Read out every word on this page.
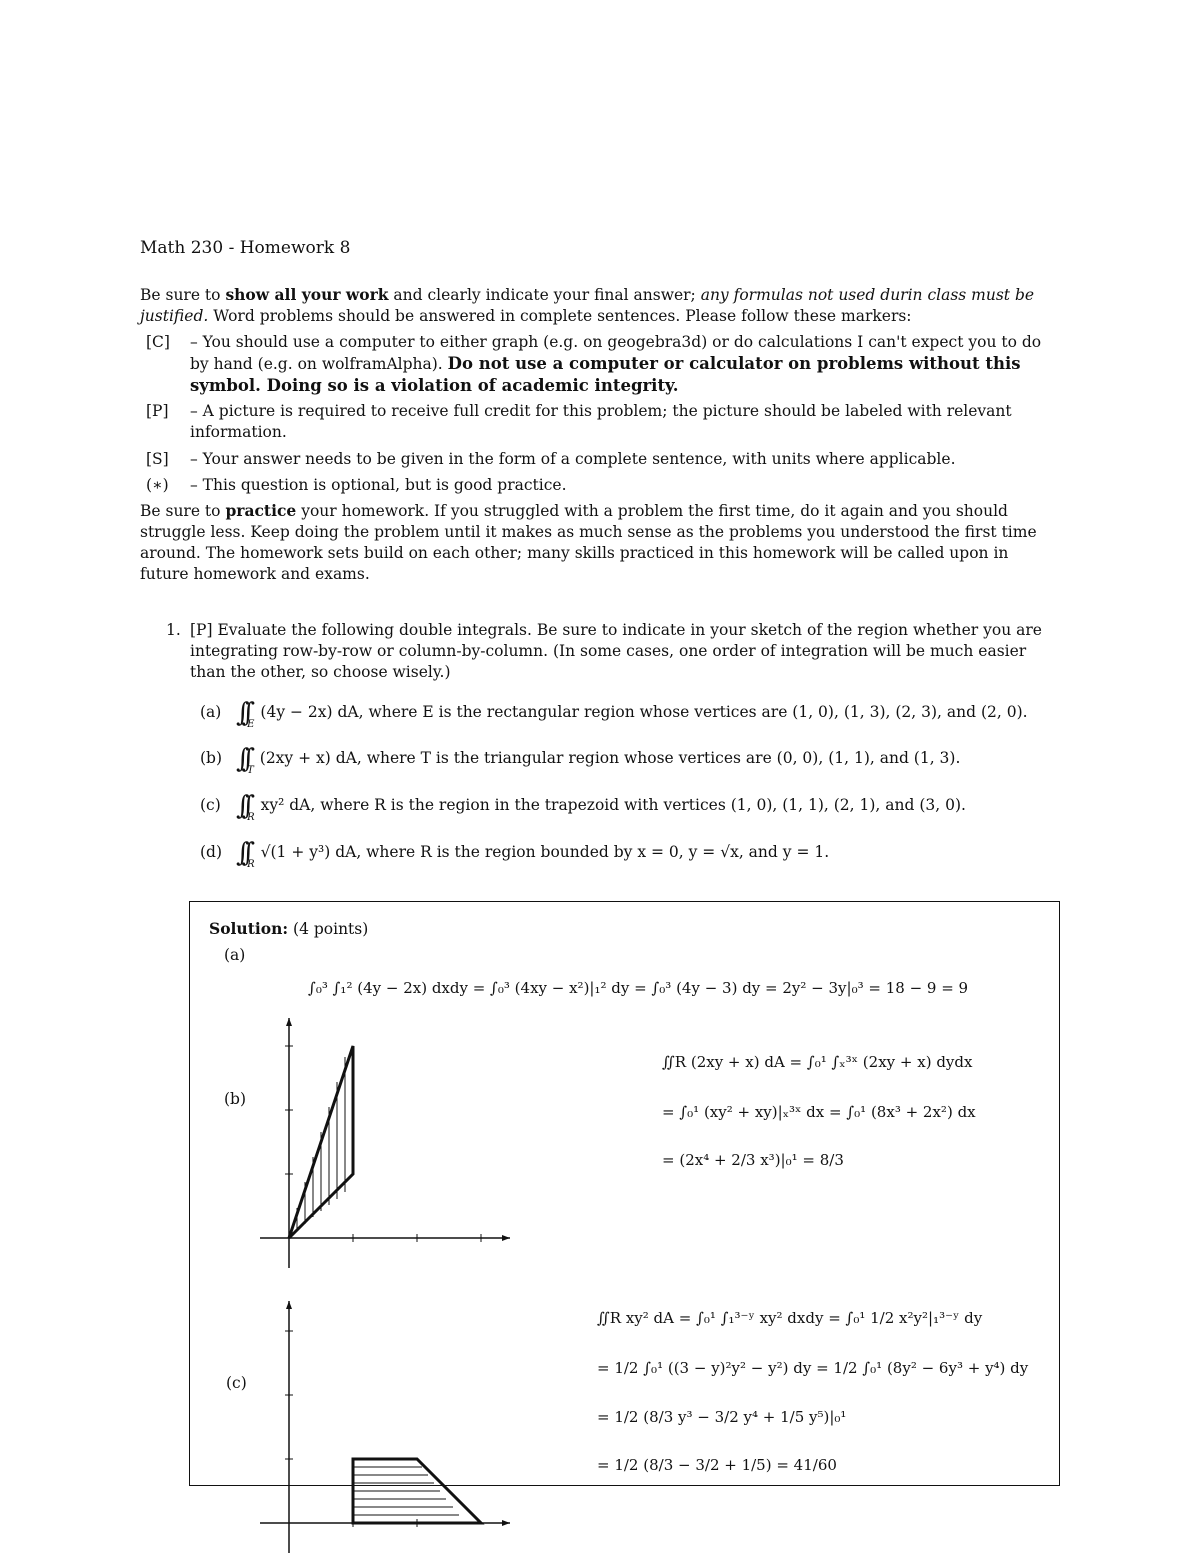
Math 230 - Homework 8
Be sure to show all your work and clearly indicate your final answer; any formulas not used durin class must be justified. Word problems should be answered in complete sentences. Please follow these markers:
[C] – You should use a computer to either graph (e.g. on geogebra3d) or do calculations I can't expect you to do by hand (e.g. on wolframAlpha). Do not use a computer or calculator on problems without this symbol. Doing so is a violation of academic integrity.
[P] – A picture is required to receive full credit for this problem; the picture should be labeled with relevant information.
[S] – Your answer needs to be given in the form of a complete sentence, with units where applicable.
(∗) – This question is optional, but is good practice.
Be sure to practice your homework. If you struggled with a problem the first time, do it again and you should struggle less. Keep doing the problem until it makes as much sense as the problems you understood the first time around. The homework sets build on each other; many skills practiced in this homework will be called upon in future homework and exams.
1. [P] Evaluate the following double integrals. Be sure to indicate in your sketch of the region whether you are integrating row-by-row or column-by-column. (In some cases, one order of integration will be much easier than the other, so choose wisely.)
(a) $\int\int_E(4y - 2x)$ dA, where E is the rectangular region whose vertices are (1, 0), (1, 3), (2, 3), and (2, 0).
(b) $\int\int_T(2xy + x)$ dA, where T is the triangular region whose vertices are (0, 0), (1, 1), and (1, 3).
(c) $\int\int_Rxy^2$ dA, where R is the region in the trapezoid with vertices (1, 0), (1, 1), (2, 1), and (3, 0).
(d) $\int\int_R√(1 + y^3)$ dA, where R is the region bounded by x = 0, y = √x, and y = 1.
Solution: (4 points)
(a)
∫₀³ ∫₁² (4y − 2x) dxdy = ∫₀³ (4xy − x²)|₁² dy = ∫₀³ (4y − 3) dy = 2y² − 3y|₀³ = 18 − 9 = 9
(b)
∬R (2xy + x) dA = ∫₀¹ ∫ₓ³ˣ (2xy + x) dydx
= ∫₀¹ (xy² + xy)|ₓ³ˣ dx = ∫₀¹ (8x³ + 2x²) dx
= (2x⁴ + 2/3 x³)|₀¹ = 8/3
(c)
∬R xy² dA = ∫₀¹ ∫₁³⁻ʸ xy² dxdy = ∫₀¹ 1/2 x²y²|₁³⁻ʸ dy
= 1/2 ∫₀¹ ((3 − y)²y² − y²) dy = 1/2 ∫₀¹ (8y² − 6y³ + y⁴) dy
= 1/2 (8/3 y³ − 3/2 y⁴ + 1/5 y⁵)|₀¹
= 1/2 (8/3 − 3/2 + 1/5) = 41/60
